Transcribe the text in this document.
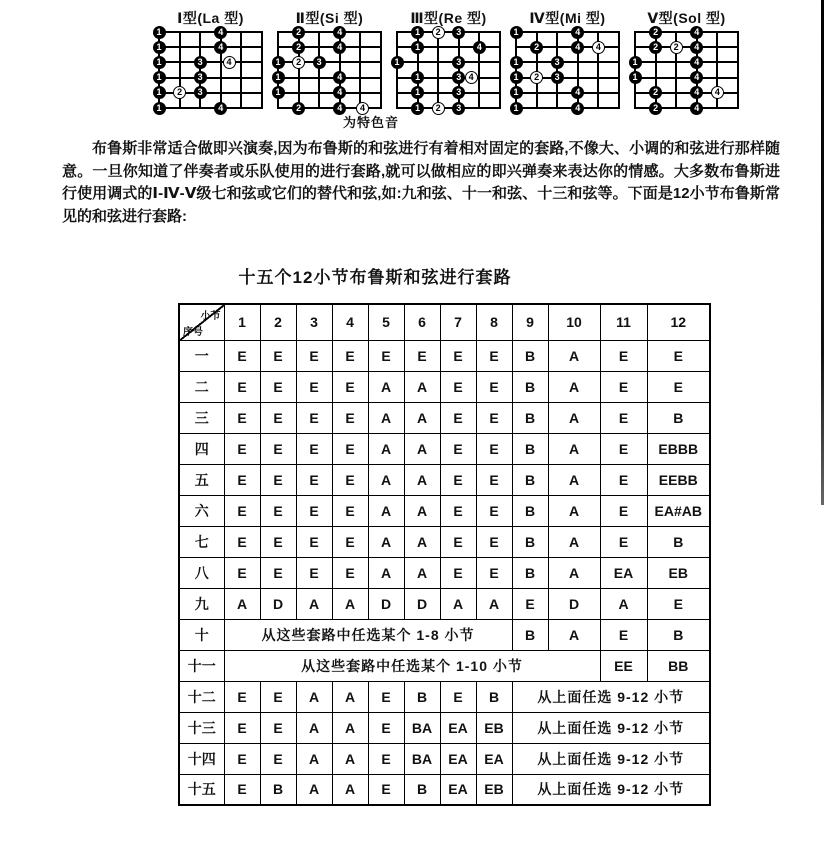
Ⅰ型(La 型)
1	4
1	4
1	3	4
1	3
1	2	3
1	4
Ⅱ型(Si 型)
2	4
2	4
1	2	3
1	4
1	4
2	4	4
Ⅲ型(Re 型)
1	2	3
1	4
1	3
1	3 4
1	3
1	2	3
Ⅳ型(Mi 型)
1	4
2	4	4
1	3
1	2	3
1	4
1	4
Ⅴ型(Sol 型)
2	4
2	2	4
1	4
1	4
2	4	4
2	4
为特色音

布鲁斯非常适合做即兴演奏,因为布鲁斯的和弦进行有着相对固定的套路,不像大、小调的和弦进行那样随意。一旦你知道了伴奏者或乐队使用的进行套路,就可以做相应的即兴弹奏来表达你的情感。大多数布鲁斯进行使用调式的Ⅰ-Ⅳ-Ⅴ级七和弦或它们的替代和弦,如:九和弦、十一和弦、十三和弦等。下面是12小节布鲁斯常见的和弦进行套路:

十五个12小节布鲁斯和弦进行套路
小节
序号	1	2	3	4	5	6	7	8	9	10	11	12
一	E	E	E	E	E	E	E	E	B	A	E	E
二	E	E	E	E	A	A	E	E	B	A	E	E
三	E	E	E	E	A	A	E	E	B	A	E	B
四	E	E	E	E	A	A	E	E	B	A	E	EBBB
五	E	E	E	E	A	A	E	E	B	A	E	EEBB
六	E	E	E	E	A	A	E	E	B	A	E	EA#AB
七	E	E	E	E	A	A	E	E	B	A	E	B
八	E	E	E	E	A	A	E	E	B	A	EA	EB
九	A	D	A	A	D	D	A	A	E	D	A	E
十	从这些套路中任选某个 1-8 小节								B	A	E	B
十一	从这些套路中任选某个 1-10 小节										EE	BB
十二	E	E	A	A	E	B	E	B	从上面任选 9-12 小节			
十三	E	E	A	A	E	BA	EA	EB	从上面任选 9-12 小节			
十四	E	E	A	A	E	BA	EA	EA	从上面任选 9-12 小节			
十五	E	B	A	A	E	B	EA	EB	从上面任选 9-12 小节			
